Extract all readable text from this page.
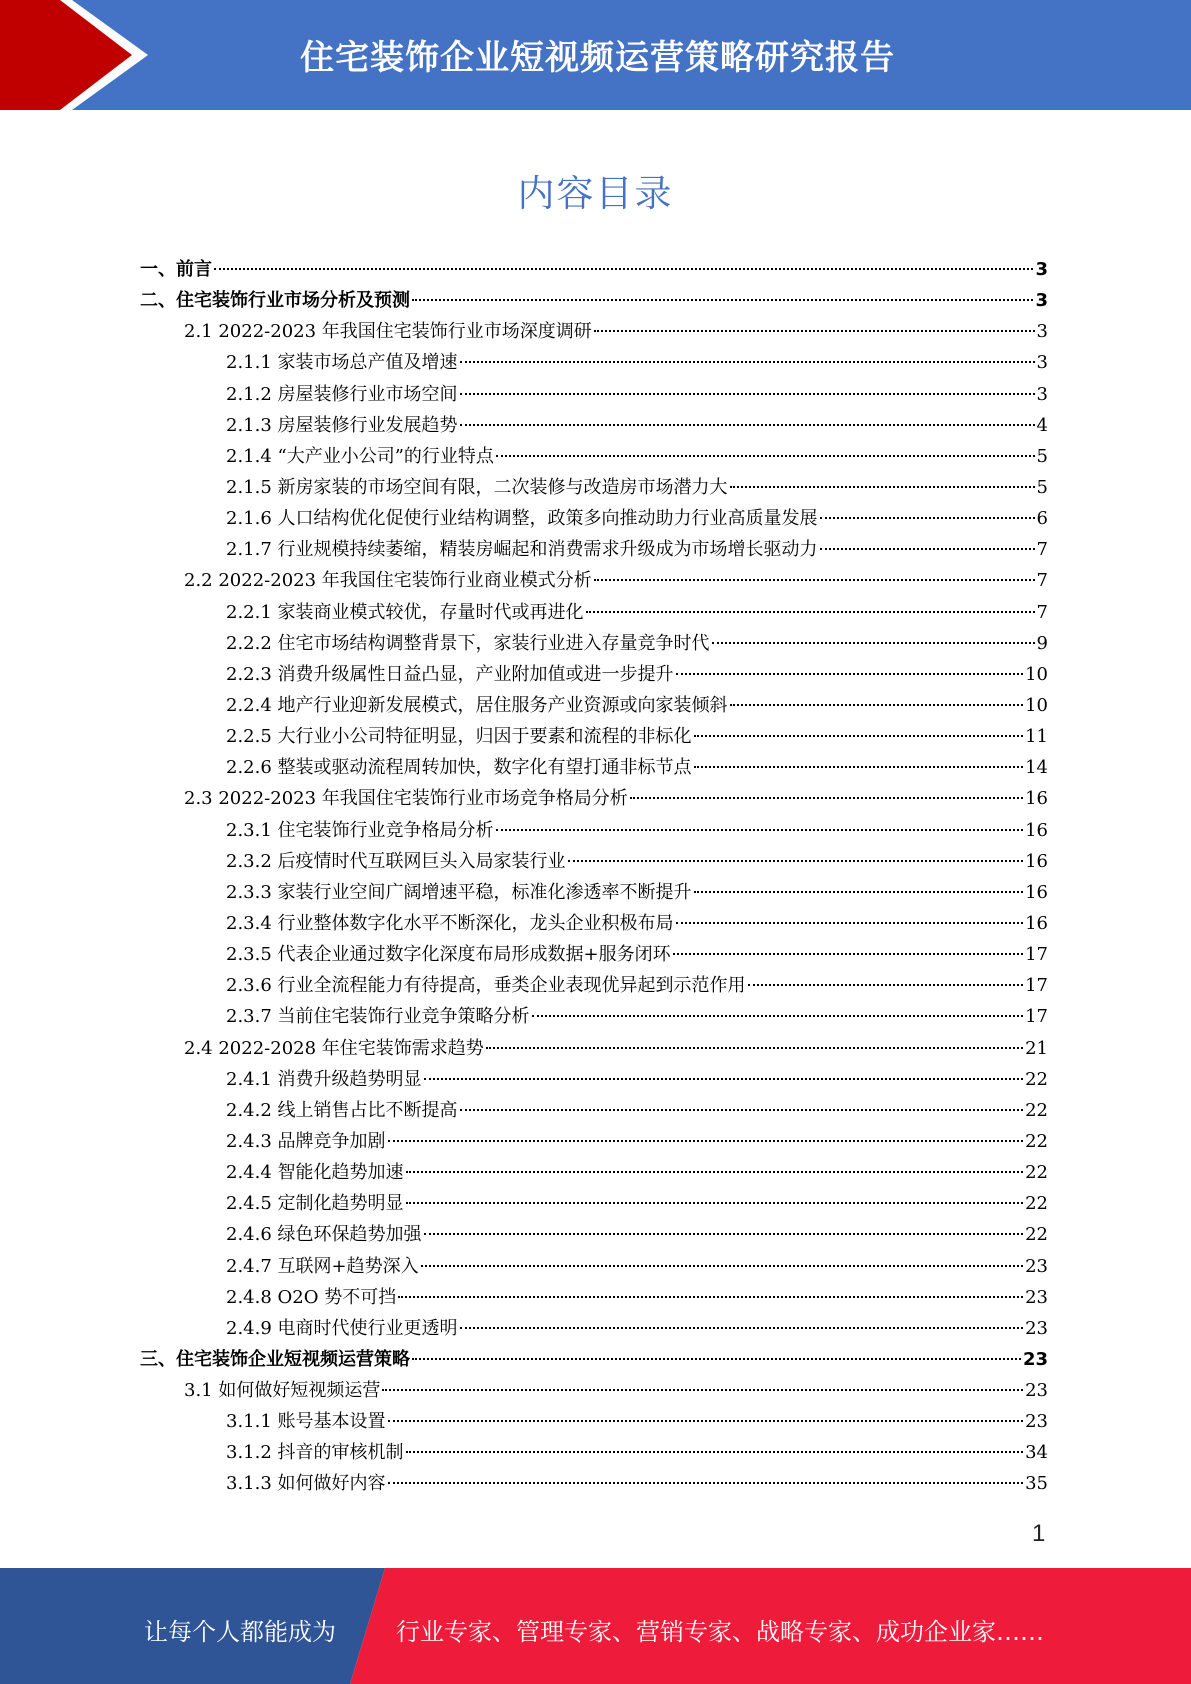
住宅装饰企业短视频运营策略研究报告
内容目录
一、前言	3
二、住宅装饰行业市场分析及预测	3
2.1 2022-2023 年我国住宅装饰行业市场深度调研	3
2.1.1 家装市场总产值及增速	3
2.1.2 房屋装修行业市场空间	3
2.1.3 房屋装修行业发展趋势	4
2.1.4 “大产业小公司”的行业特点	5
2.1.5 新房家装的市场空间有限，二次装修与改造房市场潜力大	5
2.1.6 人口结构优化促使行业结构调整，政策多向推动助力行业高质量发展	6
2.1.7 行业规模持续萎缩，精装房崛起和消费需求升级成为市场增长驱动力	7
2.2 2022-2023 年我国住宅装饰行业商业模式分析	7
2.2.1 家装商业模式较优，存量时代或再进化	7
2.2.2 住宅市场结构调整背景下，家装行业进入存量竞争时代	9
2.2.3 消费升级属性日益凸显，产业附加值或进一步提升	10
2.2.4 地产行业迎新发展模式，居住服务产业资源或向家装倾斜	10
2.2.5 大行业小公司特征明显，归因于要素和流程的非标化	11
2.2.6 整装或驱动流程周转加快，数字化有望打通非标节点	14
2.3 2022-2023 年我国住宅装饰行业市场竞争格局分析	16
2.3.1 住宅装饰行业竞争格局分析	16
2.3.2 后疫情时代互联网巨头入局家装行业	16
2.3.3 家装行业空间广阔增速平稳，标准化渗透率不断提升	16
2.3.4 行业整体数字化水平不断深化，龙头企业积极布局	16
2.3.5 代表企业通过数字化深度布局形成数据+服务闭环	17
2.3.6 行业全流程能力有待提高，垂类企业表现优异起到示范作用	17
2.3.7 当前住宅装饰行业竞争策略分析	17
2.4 2022-2028 年住宅装饰需求趋势	21
2.4.1 消费升级趋势明显	22
2.4.2 线上销售占比不断提高	22
2.4.3 品牌竞争加剧	22
2.4.4 智能化趋势加速	22
2.4.5 定制化趋势明显	22
2.4.6 绿色环保趋势加强	22
2.4.7 互联网+趋势深入	23
2.4.8 O2O 势不可挡	23
2.4.9 电商时代使行业更透明	23
三、住宅装饰企业短视频运营策略	23
3.1 如何做好短视频运营	23
3.1.1 账号基本设置	23
3.1.2 抖音的审核机制	34
3.1.3 如何做好内容	35
1
让每个人都能成为	行业专家、管理专家、营销专家、战略专家、成功企业家……
